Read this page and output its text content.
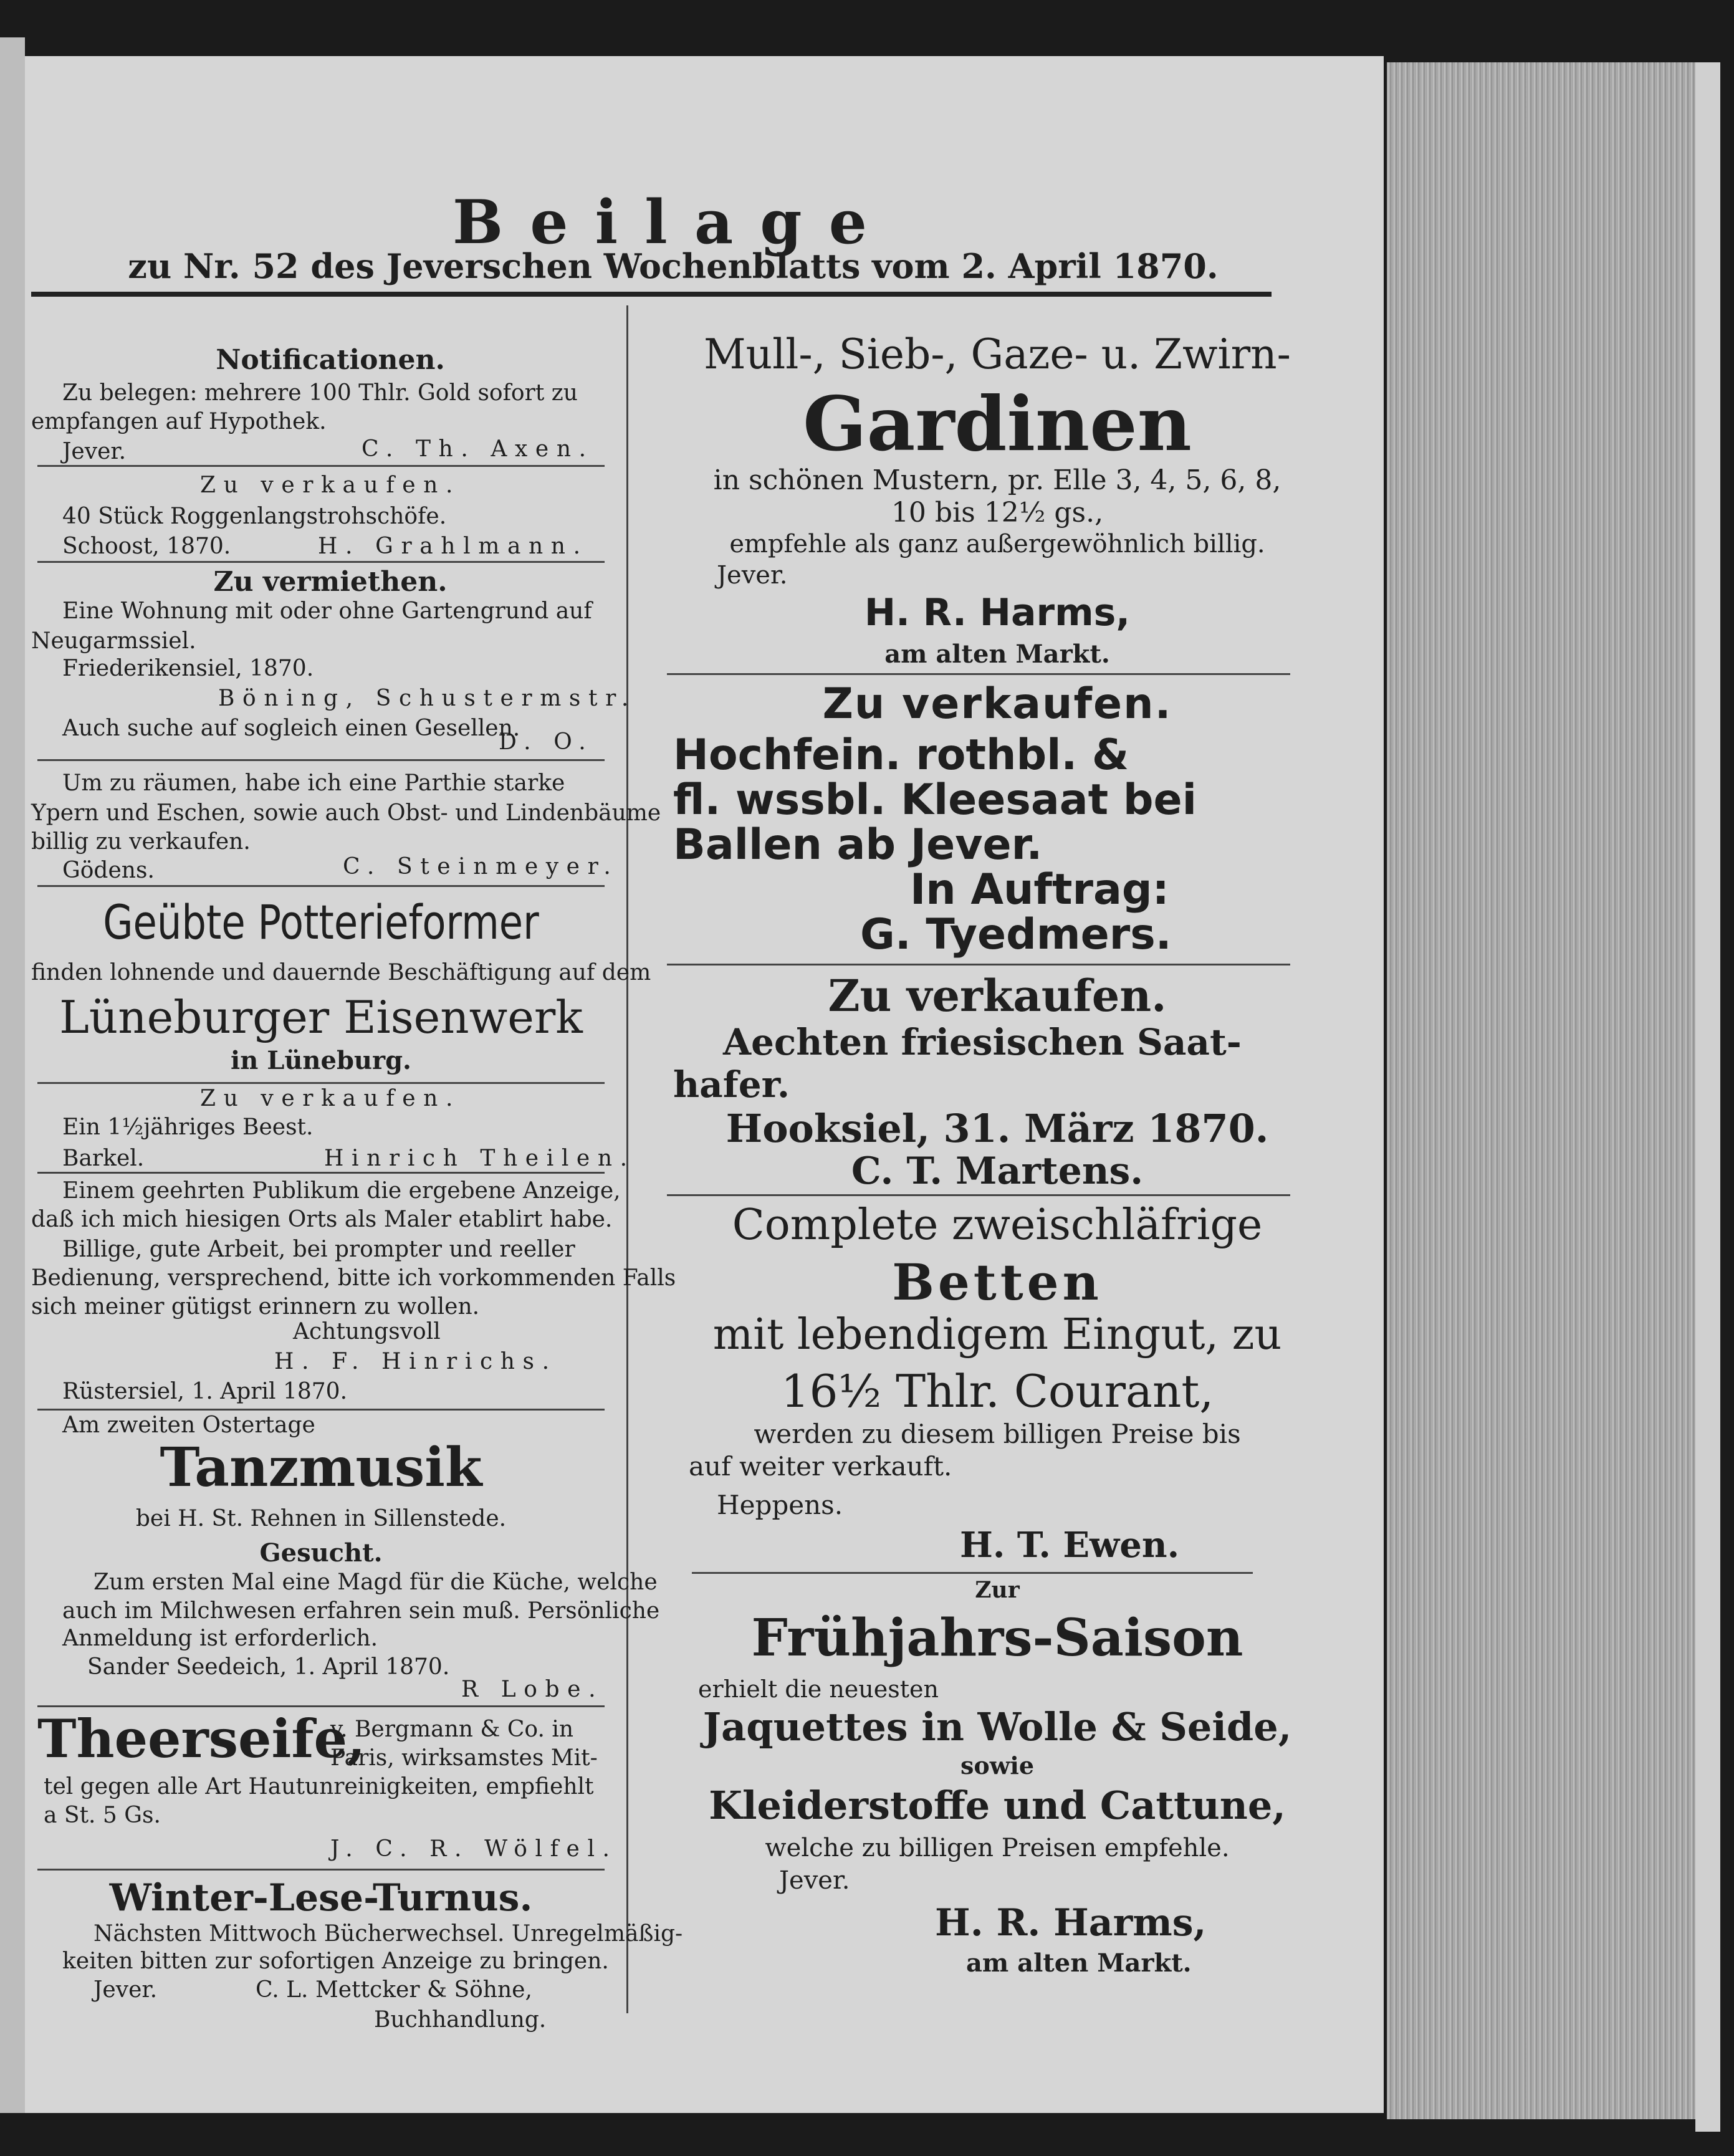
Beilage
zu Nr. 52 des Jeverschen Wochenblatts vom 2. April 1870.
Notificationen.
Zu belegen: mehrere 100 Thlr. Gold sofort zu
empfangen auf Hypothek.
Jever.	C. Th. Axen.
Zu verkaufen.
40 Stück Roggenlangstrohschöfe.
Schoost, 1870.	H. Grahlmann.
Zu vermiethen.
Eine Wohnung mit oder ohne Gartengrund auf
Neugarmssiel.
Friederikensiel, 1870.
Böning, Schustermstr.
Auch suche auf sogleich einen Gesellen.
D. O.
Um zu räumen, habe ich eine Parthie starke
Ypern und Eschen, sowie auch Obst- und Lindenbäume
billig zu verkaufen.
Gödens.	C. Steinmeyer.
Geübte Potterieformer
finden lohnende und dauernde Beschäftigung auf dem
Lüneburger Eisenwerk
in Lüneburg.
Zu verkaufen.
Ein 1½jähriges Beest.
Barkel.	Hinrich Theilen.
Einem geehrten Publikum die ergebene Anzeige,
daß ich mich hiesigen Orts als Maler etablirt habe.
Billige, gute Arbeit, bei prompter und reeller
Bedienung, versprechend, bitte ich vorkommenden Falls
sich meiner gütigst erinnern zu wollen.
Achtungsvoll
H. F. Hinrichs.
Rüstersiel, 1. April 1870.
Am zweiten Ostertage
Tanzmusik
bei H. St. Rehnen in Sillenstede.
Gesucht.
Zum ersten Mal eine Magd für die Küche, welche
auch im Milchwesen erfahren sein muß. Persönliche
Anmeldung ist erforderlich.
Sander Seedeich, 1. April 1870.
R Lobe.
Theerseife,
v. Bergmann & Co. in
Paris, wirksamstes Mit-
tel gegen alle Art Hautunreinigkeiten, empfiehlt
a St. 5 Gs.
J. C. R. Wölfel.
Winter-Lese-Turnus.
Nächsten Mittwoch Bücherwechsel. Unregelmäßig-
keiten bitten zur sofortigen Anzeige zu bringen.
Jever.	C. L. Mettcker & Söhne,
Buchhandlung.
Mull-, Sieb-, Gaze- u. Zwirn-
Gardinen
in schönen Mustern, pr. Elle 3, 4, 5, 6, 8,
10 bis 12½ gs.,
empfehle als ganz außergewöhnlich billig.
Jever.
H. R. Harms,
am alten Markt.
Zu verkaufen.
Hochfein. rothbl. &
fl. wssbl. Kleesaat bei
Ballen ab Jever.
In Auftrag:
G. Tyedmers.
Zu verkaufen.
Aechten friesischen Saat-
hafer.
Hooksiel, 31. März 1870.
C. T. Martens.
Complete zweischläfrige
Betten
mit lebendigem Eingut, zu
16½ Thlr. Courant,
werden zu diesem billigen Preise bis
auf weiter verkauft.
Heppens.
H. T. Ewen.
Zur
Frühjahrs-Saison
erhielt die neuesten
Jaquettes in Wolle & Seide,
sowie
Kleiderstoffe und Cattune,
welche zu billigen Preisen empfehle.
Jever.
H. R. Harms,
am alten Markt.
